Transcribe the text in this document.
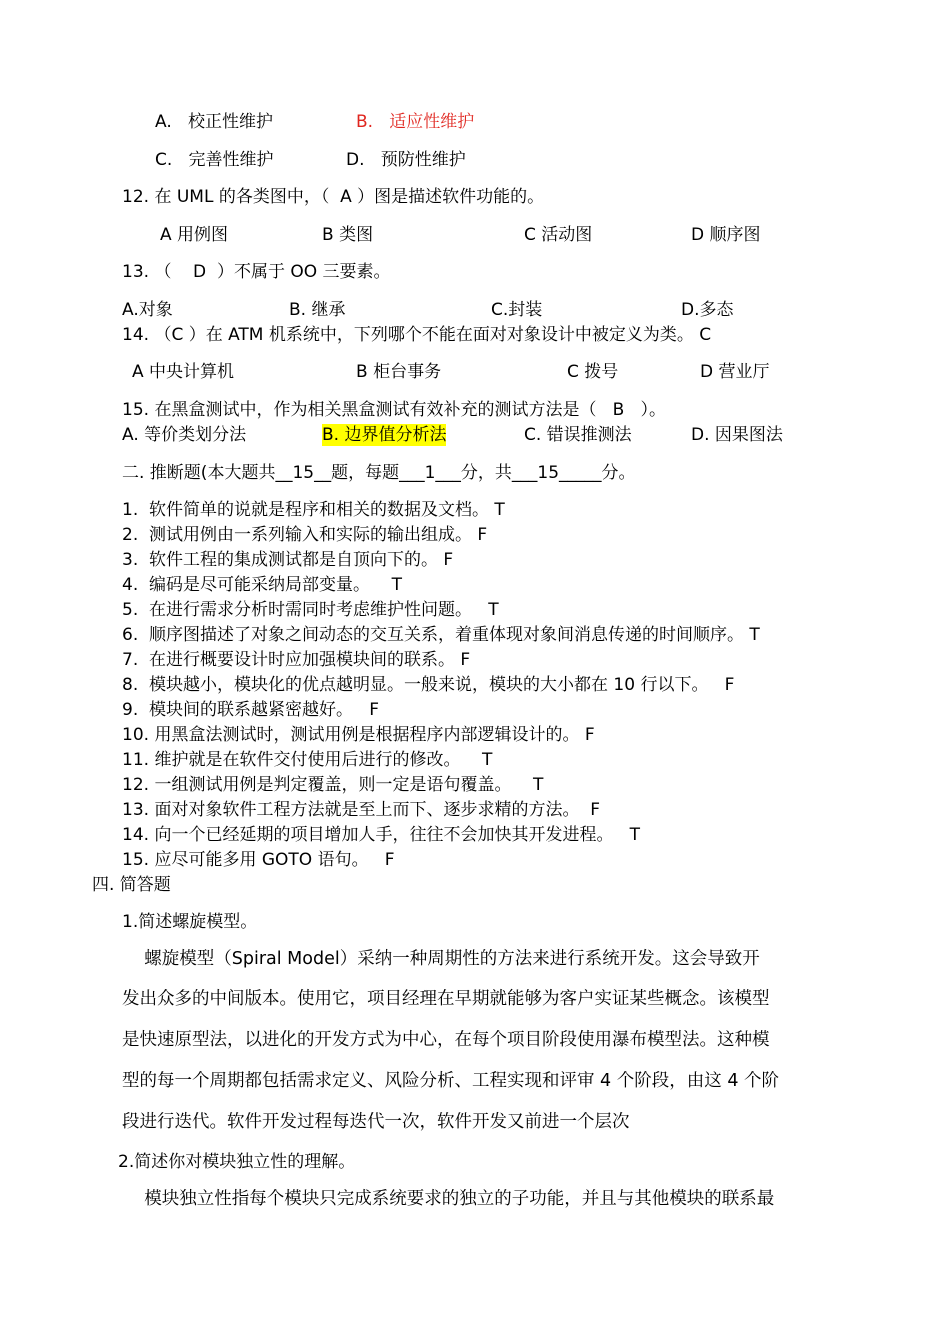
A.   校正性维护	B.   适应性维护
C.   完善性维护	D.   预防性维护
12. 在 UML 的各类图中，（  A ）图是描述软件功能的。
A 用例图	B 类图	C 活动图	D 顺序图
13. （    D  ）不属于 OO 三要素。
A.对象	B. 继承	C.封装	D.多态
14. （C ）在 ATM 机系统中，下列哪个不能在面对对象设计中被定义为类。 C
A 中央计算机	B 柜台事务	C 拨号	D 营业厅
15. 在黑盒测试中，作为相关黑盒测试有效补充的测试方法是（   B   ）。
A. 等价类划分法	B. 边界值分析法	C. 错误推测法	D. 因果图法
二. 推断题(本大题共__15__题，每题___1___分，共___15_____分。
1.  软件简单的说就是程序和相关的数据及文档。 T
2.  测试用例由一系列输入和实际的输出组成。 F
3.  软件工程的集成测试都是自顶向下的。 F
4.  编码是尽可能采纳局部变量。    T
5.  在进行需求分析时需同时考虑维护性问题。   T
6.  顺序图描述了对象之间动态的交互关系，着重体现对象间消息传递的时间顺序。 T
7.  在进行概要设计时应加强模块间的联系。 F
8.  模块越小，模块化的优点越明显。一般来说，模块的大小都在 10 行以下。   F
9.  模块间的联系越紧密越好。   F
10. 用黑盒法测试时，测试用例是根据程序内部逻辑设计的。 F
11. 维护就是在软件交付使用后进行的修改。    T
12. 一组测试用例是判定覆盖，则一定是语句覆盖。    T
13. 面对对象软件工程方法就是至上而下、逐步求精的方法。  F
14. 向一个已经延期的项目增加人手，往往不会加快其开发进程。   T
15. 应尽可能多用 GOTO 语句。   F
四. 简答题
1.简述螺旋模型。
螺旋模型（Spiral Model）采纳一种周期性的方法来进行系统开发。这会导致开
发出众多的中间版本。使用它，项目经理在早期就能够为客户实证某些概念。该模型
是快速原型法，以进化的开发方式为中心，在每个项目阶段使用瀑布模型法。这种模
型的每一个周期都包括需求定义、风险分析、工程实现和评审 4 个阶段，由这 4 个阶
段进行迭代。软件开发过程每迭代一次，软件开发又前进一个层次
2.简述你对模块独立性的理解。
模块独立性指每个模块只完成系统要求的独立的子功能，并且与其他模块的联系最
